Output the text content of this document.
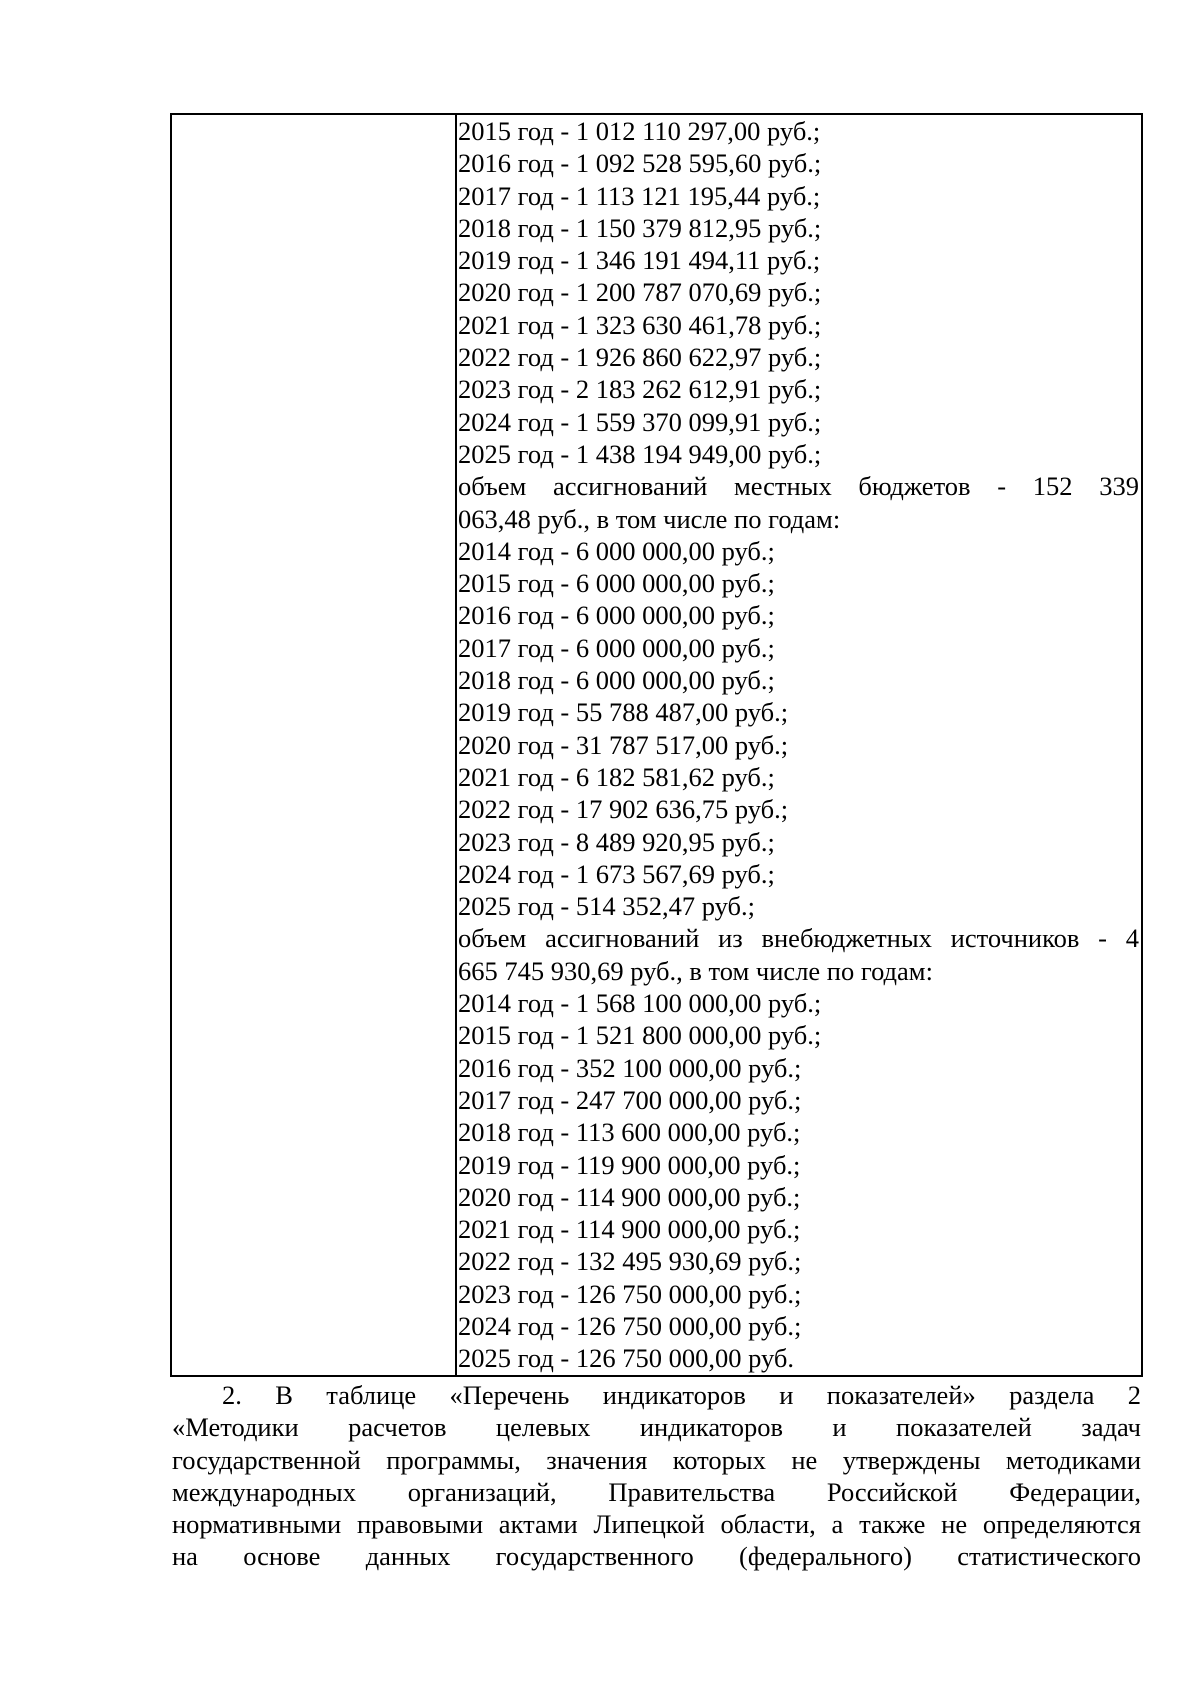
2015 год - 1 012 110 297,00 руб.;
2016 год - 1 092 528 595,60 руб.;
2017 год - 1 113 121 195,44 руб.;
2018 год - 1 150 379 812,95 руб.;
2019 год - 1 346 191 494,11 руб.;
2020 год - 1 200 787 070,69 руб.;
2021 год - 1 323 630 461,78 руб.;
2022 год - 1 926 860 622,97 руб.;
2023 год - 2 183 262 612,91 руб.;
2024 год - 1 559 370 099,91 руб.;
2025 год - 1 438 194 949,00 руб.;
объем ассигнований местных бюджетов - 152 339
063,48 руб., в том числе по годам:
2014 год - 6 000 000,00 руб.;
2015 год - 6 000 000,00 руб.;
2016 год - 6 000 000,00 руб.;
2017 год - 6 000 000,00 руб.;
2018 год - 6 000 000,00 руб.;
2019 год - 55 788 487,00 руб.;
2020 год - 31 787 517,00 руб.;
2021 год - 6 182 581,62 руб.;
2022 год - 17 902 636,75 руб.;
2023 год - 8 489 920,95 руб.;
2024 год - 1 673 567,69 руб.;
2025 год - 514 352,47 руб.;
объем ассигнований из внебюджетных источников - 4
665 745 930,69 руб., в том числе по годам:
2014 год - 1 568 100 000,00 руб.;
2015 год - 1 521 800 000,00 руб.;
2016 год - 352 100 000,00 руб.;
2017 год - 247 700 000,00 руб.;
2018 год - 113 600 000,00 руб.;
2019 год - 119 900 000,00 руб.;
2020 год - 114 900 000,00 руб.;
2021 год - 114 900 000,00 руб.;
2022 год - 132 495 930,69 руб.;
2023 год - 126 750 000,00 руб.;
2024 год - 126 750 000,00 руб.;
2025 год - 126 750 000,00 руб.
2. В таблице «Перечень индикаторов и показателей» раздела 2
«Методики расчетов целевых индикаторов и показателей задач
государственной программы, значения которых не утверждены методиками
международных организаций, Правительства Российской Федерации,
нормативными правовыми актами Липецкой области, а также не определяются
на основе данных государственного (федерального) статистического
